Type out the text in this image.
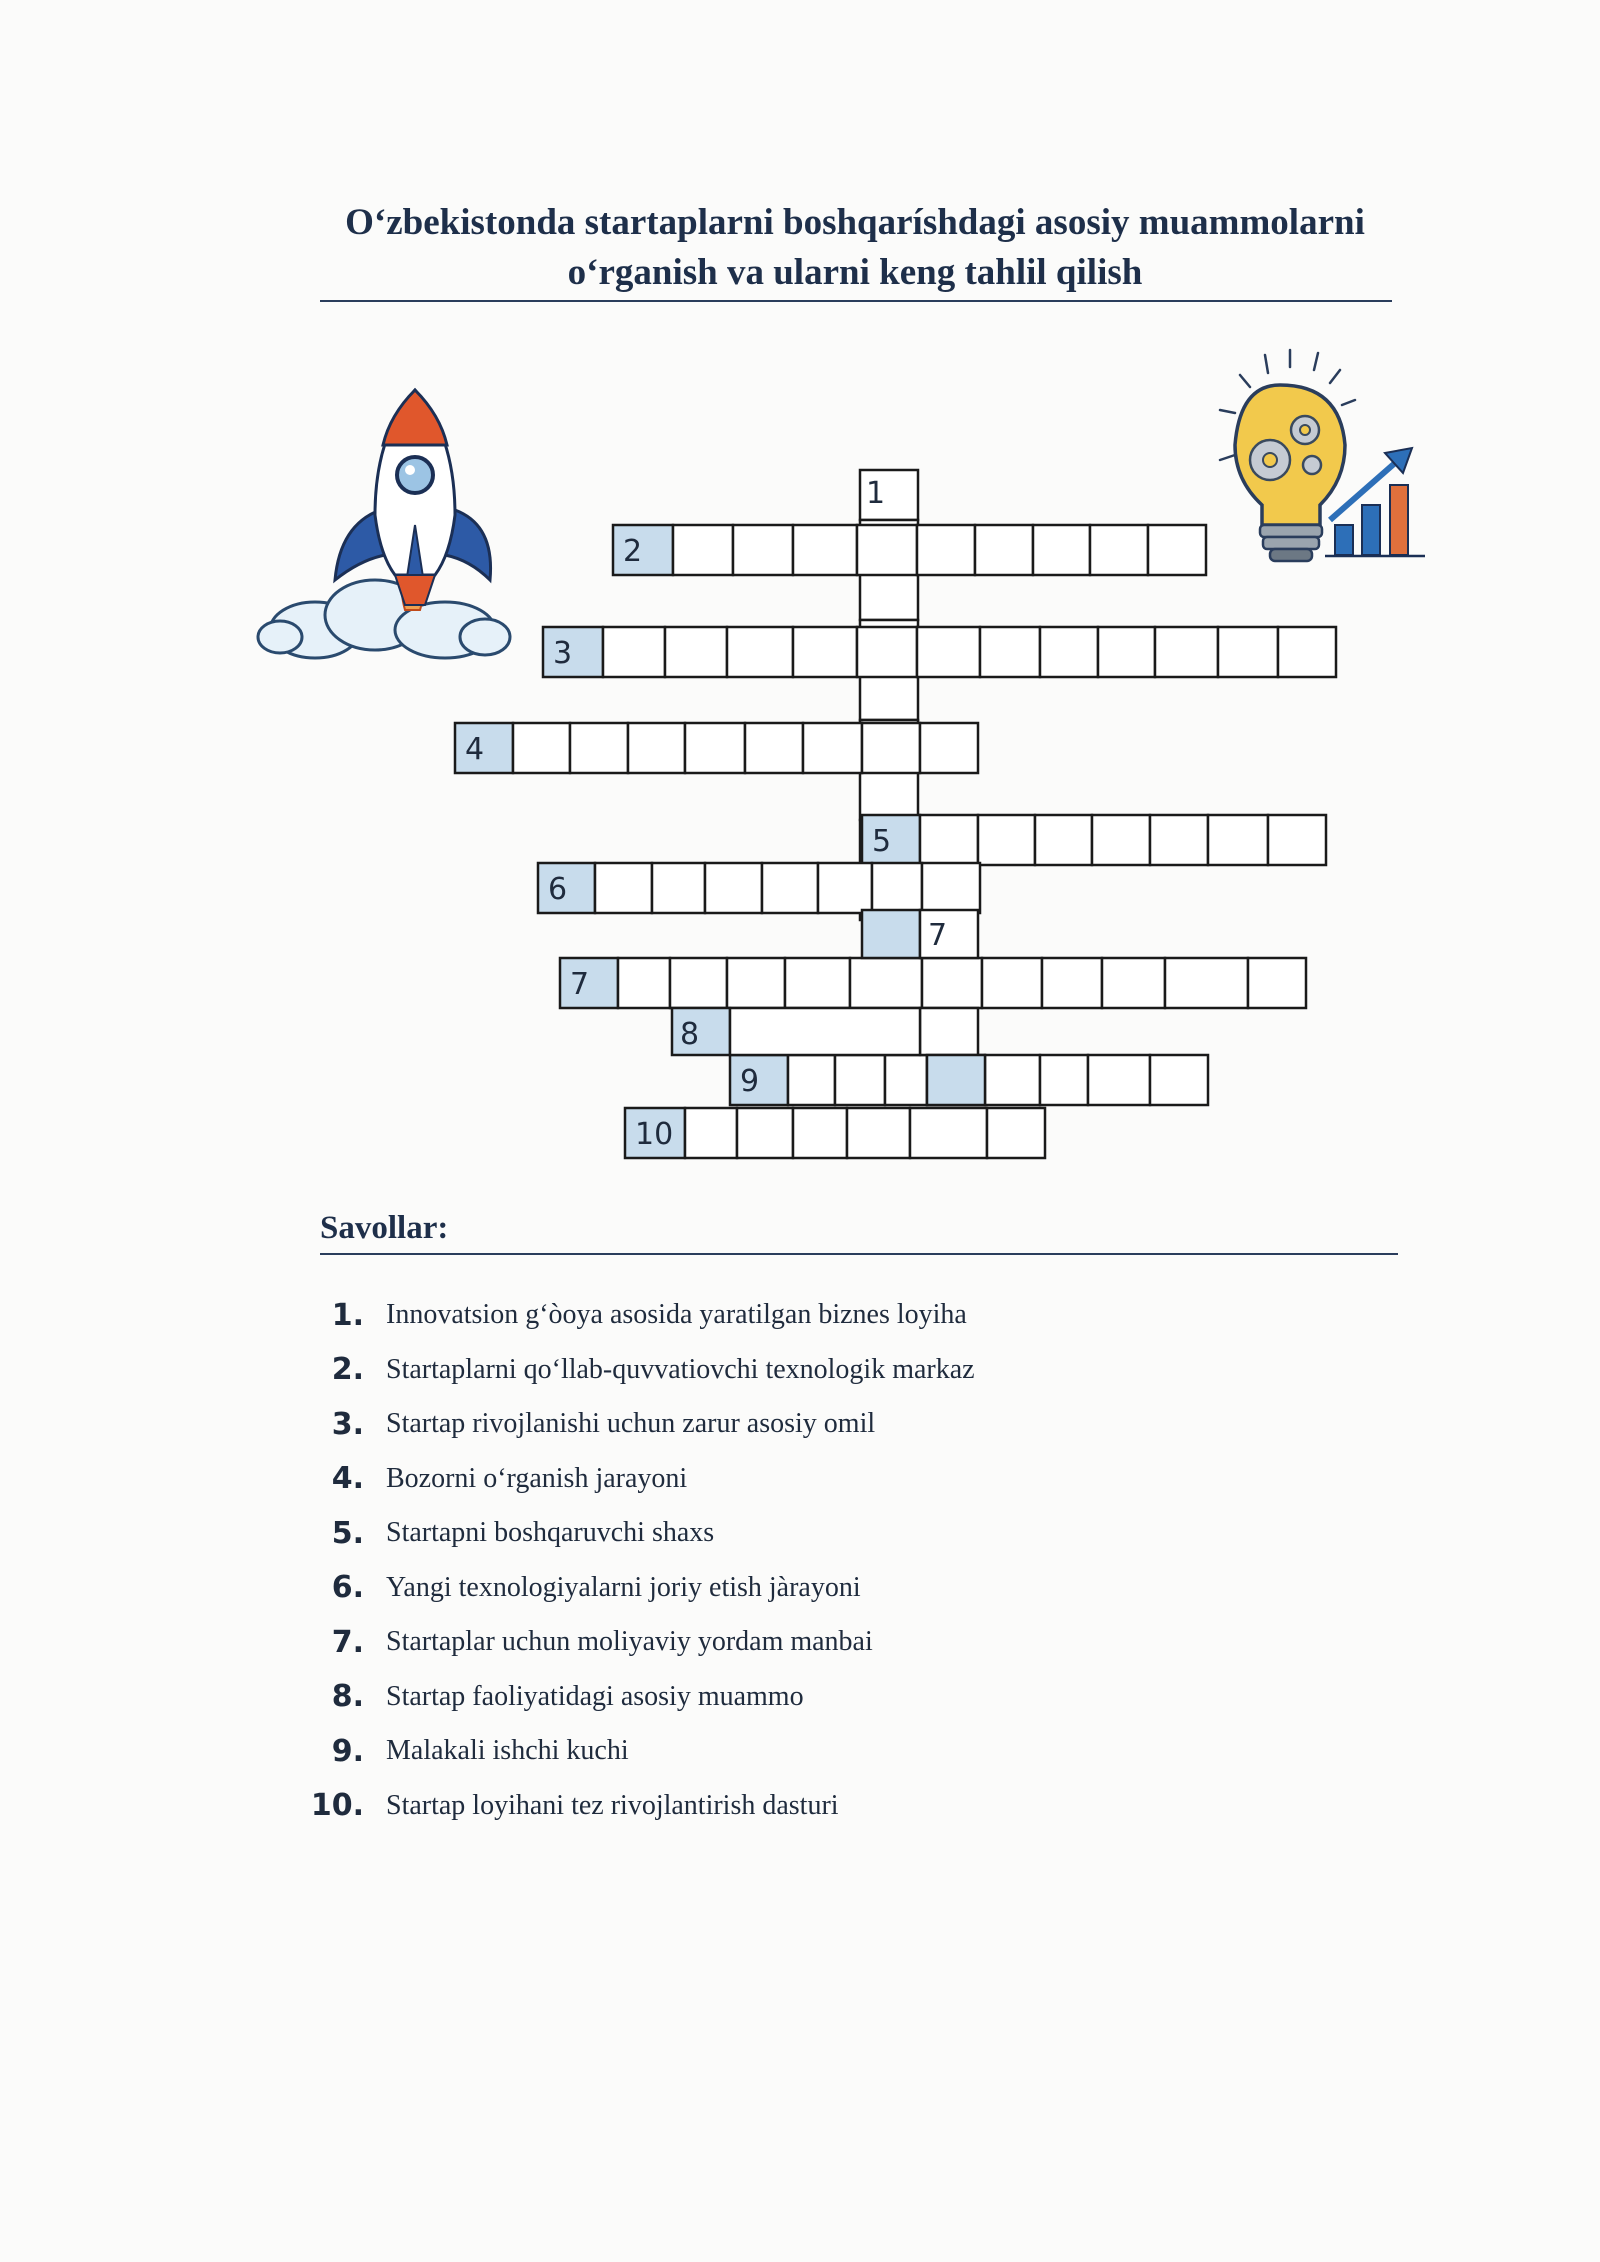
O‘zbekistonda startaplarni boshqaríshdagi asosiy muammolarni
o‘rganish va ularni keng tahlil qilish
1
2
3
4
5
6
7
9
10
7
8
Savollar:
1. Innovatsion g‘òoya asosida yaratilgan biznes loyiha
2. Startaplarni qo‘llab-quvvatiovchi texnologik markaz
3. Startap rivojlanishi uchun zarur asosiy omil
4. Bozorni o‘rganish jarayoni
5. Startapni boshqaruvchi shaxs
6. Yangi texnologiyalarni joriy etish jàrayoni
7. Startaplar uchun moliyaviy yordam manbai
8. Startap faoliyatidagi asosiy muammo
9. Malakali ishchi kuchi
10. Startap loyihani tez rivojlantirish dasturi
